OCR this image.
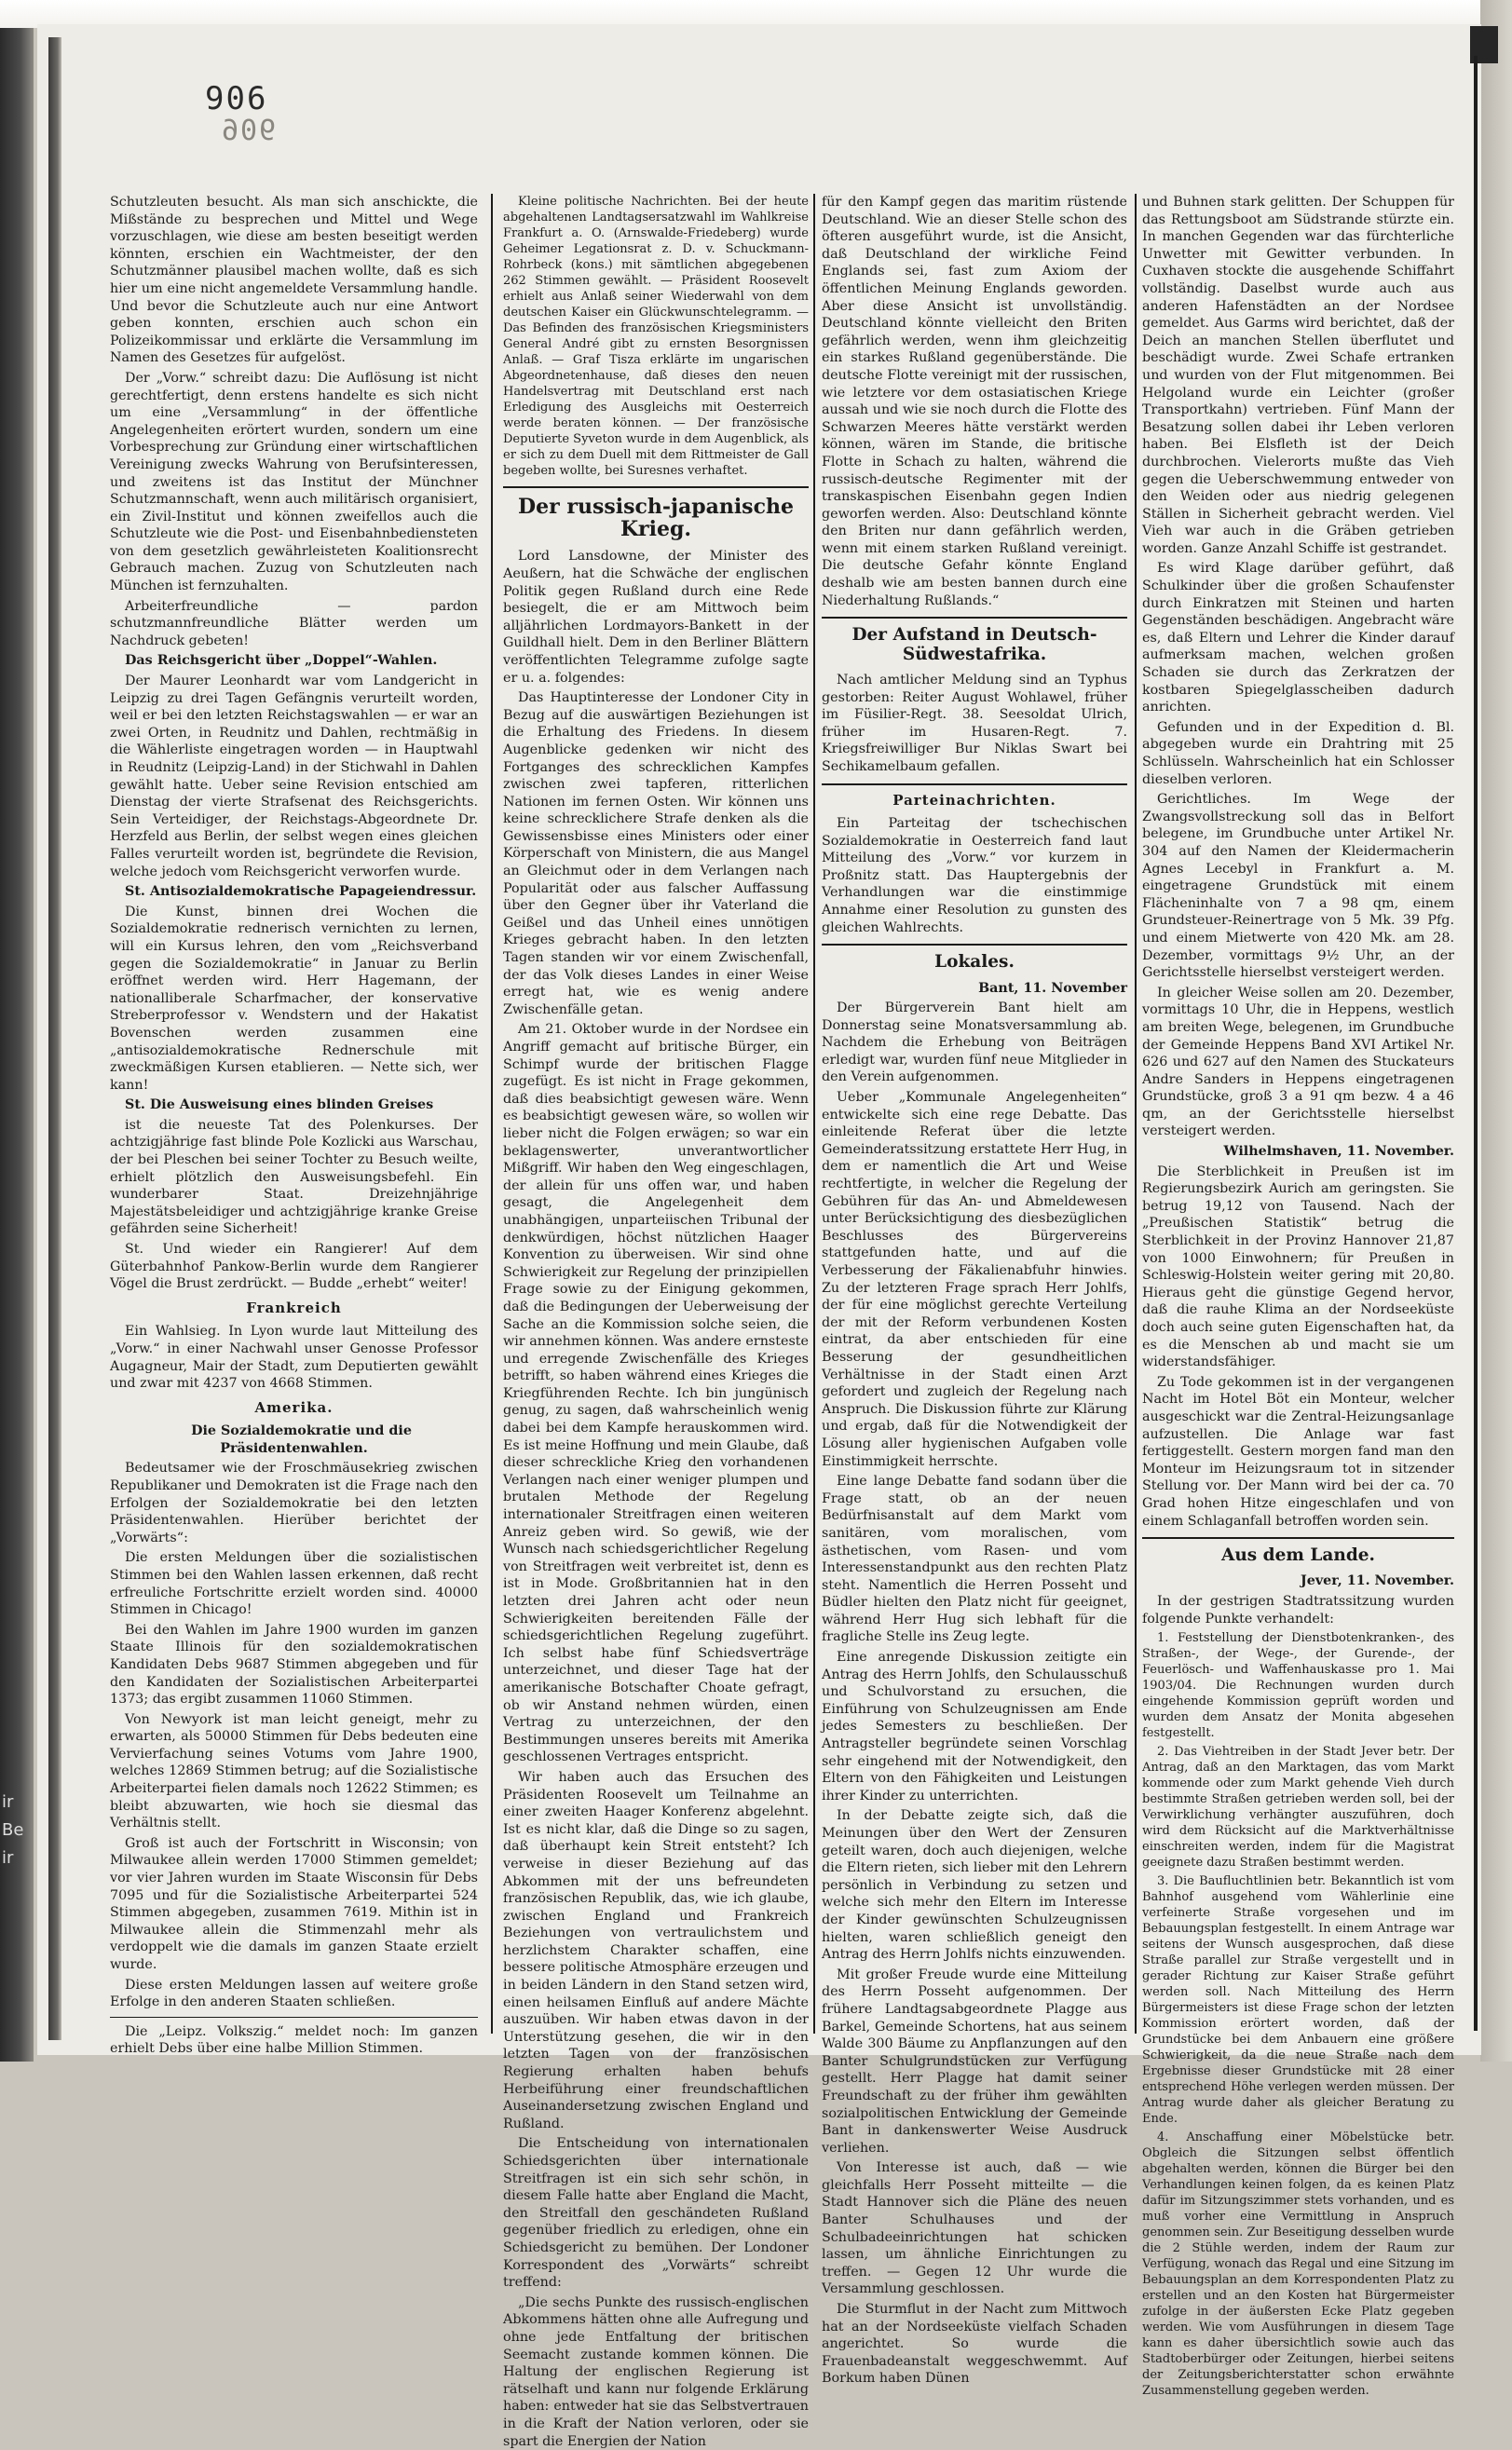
ir
Be
ir
906
906

Schutzleuten besucht. Als man sich anschickte, die Mißstände zu besprechen und Mittel und Wege vorzuschlagen, wie diese am besten beseitigt werden könnten, erschien ein Wachtmeister, der den Schutzmänner plausibel machen wollte, daß es sich hier um eine nicht angemeldete Versammlung handle. Und bevor die Schutzleute auch nur eine Antwort geben konnten, erschien auch schon ein Polizeikommissar und erklärte die Versammlung im Namen des Gesetzes für aufgelöst.

Der „Vorw.“ schreibt dazu: Die Auflösung ist nicht gerechtfertigt, denn erstens handelte es sich nicht um eine „Versammlung“ in der öffentliche Angelegenheiten erörtert wurden, sondern um eine Vorbesprechung zur Gründung einer wirtschaftlichen Vereinigung zwecks Wahrung von Berufsinteressen, und zweitens ist das Institut der Münchner Schutzmannschaft, wenn auch militärisch organisiert, ein Zivil-Institut und können zweifellos auch die Schutzleute wie die Post- und Eisenbahnbediensteten von dem gesetzlich gewährleisteten Koalitionsrecht Gebrauch machen. Zuzug von Schutzleuten nach München ist fernzuhalten.

Arbeiterfreundliche — pardon schutzmannfreundliche Blätter werden um Nachdruck gebeten!

Das Reichsgericht über „Doppel“-Wahlen.

Der Maurer Leonhardt war vom Landgericht in Leipzig zu drei Tagen Gefängnis verurteilt worden, weil er bei den letzten Reichstagswahlen — er war an zwei Orten, in Reudnitz und Dahlen, rechtmäßig in die Wählerliste eingetragen worden — in Hauptwahl in Reudnitz (Leipzig-Land) in der Stichwahl in Dahlen gewählt hatte. Ueber seine Revision entschied am Dienstag der vierte Strafsenat des Reichsgerichts. Sein Verteidiger, der Reichstags-Abgeordnete Dr. Herzfeld aus Berlin, der selbst wegen eines gleichen Falles verurteilt worden ist, begründete die Revision, welche jedoch vom Reichsgericht verworfen wurde.

St. Antisozialdemokratische Papageiendressur.

Die Kunst, binnen drei Wochen die Sozialdemokratie rednerisch vernichten zu lernen, will ein Kursus lehren, den vom „Reichsverband gegen die Sozialdemokratie“ in Januar zu Berlin eröffnet werden wird. Herr Hagemann, der nationalliberale Scharfmacher, der konservative Streberprofessor v. Wendstern und der Hakatist Bovenschen werden zusammen eine „antisozialdemokratische Rednerschule mit zweckmäßigen Kursen etablieren. — Nette sich, wer kann!

St. Die Ausweisung eines blinden Greises

ist die neueste Tat des Polenkurses. Der achtzigjährige fast blinde Pole Kozlicki aus Warschau, der bei Pleschen bei seiner Tochter zu Besuch weilte, erhielt plötzlich den Ausweisungsbefehl. Ein wunderbarer Staat. Dreizehnjährige Majestätsbeleidiger und achtzigjährige kranke Greise gefährden seine Sicherheit!

St. Und wieder ein Rangierer! Auf dem Güterbahnhof Pankow-Berlin wurde dem Rangierer Vögel die Brust zerdrückt. — Budde „erhebt“ weiter!

Frankreich

Ein Wahlsieg. In Lyon wurde laut Mitteilung des „Vorw.“ in einer Nachwahl unser Genosse Professor Augagneur, Mair der Stadt, zum Deputierten gewählt und zwar mit 4237 von 4668 Stimmen.

Amerika.

Die Sozialdemokratie und die Präsidentenwahlen.

Bedeutsamer wie der Froschmäusekrieg zwischen Republikaner und Demokraten ist die Frage nach den Erfolgen der Sozialdemokratie bei den letzten Präsidentenwahlen. Hierüber berichtet der „Vorwärts“:

Die ersten Meldungen über die sozialistischen Stimmen bei den Wahlen lassen erkennen, daß recht erfreuliche Fortschritte erzielt worden sind. 40000 Stimmen in Chicago!

Bei den Wahlen im Jahre 1900 wurden im ganzen Staate Illinois für den sozialdemokratischen Kandidaten Debs 9687 Stimmen abgegeben und für den Kandidaten der Sozialistischen Arbeiterpartei 1373; das ergibt zusammen 11060 Stimmen.

Von Newyork ist man leicht geneigt, mehr zu erwarten, als 50000 Stimmen für Debs bedeuten eine Vervierfachung seines Votums vom Jahre 1900, welches 12869 Stimmen betrug; auf die Sozialistische Arbeiterpartei fielen damals noch 12622 Stimmen; es bleibt abzuwarten, wie hoch sie diesmal das Verhältnis stellt.

Groß ist auch der Fortschritt in Wisconsin; von Milwaukee allein werden 17000 Stimmen gemeldet; vor vier Jahren wurden im Staate Wisconsin für Debs 7095 und für die Sozialistische Arbeiterpartei 524 Stimmen abgegeben, zusammen 7619. Mithin ist in Milwaukee allein die Stimmenzahl mehr als verdoppelt wie die damals im ganzen Staate erzielt wurde.

Diese ersten Meldungen lassen auf weitere große Erfolge in den anderen Staaten schließen.

Die „Leipz. Volkszig.“ meldet noch: Im ganzen erhielt Debs über eine halbe Million Stimmen.

Kleine politische Nachrichten. Bei der heute abgehaltenen Landtagsersatzwahl im Wahlkreise Frankfurt a. O. (Arnswalde-Friedeberg) wurde Geheimer Legationsrat z. D. v. Schuckmann-Rohrbeck (kons.) mit sämtlichen abgegebenen 262 Stimmen gewählt. — Präsident Roosevelt erhielt aus Anlaß seiner Wiederwahl von dem deutschen Kaiser ein Glückwunschtelegramm. — Das Befinden des französischen Kriegsministers General André gibt zu ernsten Besorgnissen Anlaß. — Graf Tisza erklärte im ungarischen Abgeordnetenhause, daß dieses den neuen Handelsvertrag mit Deutschland erst nach Erledigung des Ausgleichs mit Oesterreich werde beraten können. — Der französische Deputierte Syveton wurde in dem Augenblick, als er sich zu dem Duell mit dem Rittmeister de Gall begeben wollte, bei Suresnes verhaftet.

Der russisch-japanische Krieg.

Lord Lansdowne, der Minister des Aeußern, hat die Schwäche der englischen Politik gegen Rußland durch eine Rede besiegelt, die er am Mittwoch beim alljährlichen Lordmayors-Bankett in der Guildhall hielt. Dem in den Berliner Blättern veröffentlichten Telegramme zufolge sagte er u. a. folgendes:

Das Hauptinteresse der Londoner City in Bezug auf die auswärtigen Beziehungen ist die Erhaltung des Friedens. In diesem Augenblicke gedenken wir nicht des Fortganges des schrecklichen Kampfes zwischen zwei tapferen, ritterlichen Nationen im fernen Osten. Wir können uns keine schrecklichere Strafe denken als die Gewissensbisse eines Ministers oder einer Körperschaft von Ministern, die aus Mangel an Gleichmut oder in dem Verlangen nach Popularität oder aus falscher Auffassung über den Gegner über ihr Vaterland die Geißel und das Unheil eines unnötigen Krieges gebracht haben. In den letzten Tagen standen wir vor einem Zwischenfall, der das Volk dieses Landes in einer Weise erregt hat, wie es wenig andere Zwischenfälle getan.

Am 21. Oktober wurde in der Nordsee ein Angriff gemacht auf britische Bürger, ein Schimpf wurde der britischen Flagge zugefügt. Es ist nicht in Frage gekommen, daß dies beabsichtigt gewesen wäre. Wenn es beabsichtigt gewesen wäre, so wollen wir lieber nicht die Folgen erwägen; so war ein beklagenswerter, unverantwortlicher Mißgriff. Wir haben den Weg eingeschlagen, der allein für uns offen war, und haben gesagt, die Angelegenheit dem unabhängigen, unparteiischen Tribunal der denkwürdigen, höchst nützlichen Haager Konvention zu überweisen. Wir sind ohne Schwierigkeit zur Regelung der prinzipiellen Frage sowie zu der Einigung gekommen, daß die Bedingungen der Ueberweisung der Sache an die Kommission solche seien, die wir annehmen können. Was andere ernsteste und erregende Zwischenfälle des Krieges betrifft, so haben während eines Krieges die Kriegführenden Rechte. Ich bin jungünisch genug, zu sagen, daß wahrscheinlich wenig dabei bei dem Kampfe herauskommen wird. Es ist meine Hoffnung und mein Glaube, daß dieser schreckliche Krieg den vorhandenen Verlangen nach einer weniger plumpen und brutalen Methode der Regelung internationaler Streitfragen einen weiteren Anreiz geben wird. So gewiß, wie der Wunsch nach schiedsgerichtlicher Regelung von Streitfragen weit verbreitet ist, denn es ist in Mode. Großbritannien hat in den letzten drei Jahren acht oder neun Schwierigkeiten bereitenden Fälle der schiedsgerichtlichen Regelung zugeführt. Ich selbst habe fünf Schiedsverträge unterzeichnet, und dieser Tage hat der amerikanische Botschafter Choate gefragt, ob wir Anstand nehmen würden, einen Vertrag zu unterzeichnen, der den Bestimmungen unseres bereits mit Amerika geschlossenen Vertrages entspricht.

Wir haben auch das Ersuchen des Präsidenten Roosevelt um Teilnahme an einer zweiten Haager Konferenz abgelehnt. Ist es nicht klar, daß die Dinge so zu sagen, daß überhaupt kein Streit entsteht? Ich verweise in dieser Beziehung auf das Abkommen mit der uns befreundeten französischen Republik, das, wie ich glaube, zwischen England und Frankreich Beziehungen von vertraulichstem und herzlichstem Charakter schaffen, eine bessere politische Atmosphäre erzeugen und in beiden Ländern in den Stand setzen wird, einen heilsamen Einfluß auf andere Mächte auszuüben. Wir haben etwas davon in der Unterstützung gesehen, die wir in den letzten Tagen von der französischen Regierung erhalten haben behufs Herbeiführung einer freundschaftlichen Auseinandersetzung zwischen England und Rußland.

Die Entscheidung von internationalen Schiedsgerichten über internationale Streitfragen ist ein sich sehr schön, in diesem Falle hatte aber England die Macht, den Streitfall den geschändeten Rußland gegenüber friedlich zu erledigen, ohne ein Schiedsgericht zu bemühen. Der Londoner Korrespondent des „Vorwärts“ schreibt treffend:

„Die sechs Punkte des russisch-englischen Abkommens hätten ohne alle Aufregung und ohne jede Entfaltung der britischen Seemacht zustande kommen können. Die Haltung der englischen Regierung ist rätselhaft und kann nur folgende Erklärung haben: entweder hat sie das Selbstvertrauen in die Kraft der Nation verloren, oder sie spart die Energien der Nation

für den Kampf gegen das maritim rüstende Deutschland. Wie an dieser Stelle schon des öfteren ausgeführt wurde, ist die Ansicht, daß Deutschland der wirkliche Feind Englands sei, fast zum Axiom der öffentlichen Meinung Englands geworden. Aber diese Ansicht ist unvollständig. Deutschland könnte vielleicht den Briten gefährlich werden, wenn ihm gleichzeitig ein starkes Rußland gegenüberstände. Die deutsche Flotte vereinigt mit der russischen, wie letztere vor dem ostasiatischen Kriege aussah und wie sie noch durch die Flotte des Schwarzen Meeres hätte verstärkt werden können, wären im Stande, die britische Flotte in Schach zu halten, während die russisch-deutsche Regimenter mit der transkaspischen Eisenbahn gegen Indien geworfen werden. Also: Deutschland könnte den Briten nur dann gefährlich werden, wenn mit einem starken Rußland vereinigt. Die deutsche Gefahr könnte England deshalb wie am besten bannen durch eine Niederhaltung Rußlands.“

Der Aufstand in Deutsch-Südwestafrika.

Nach amtlicher Meldung sind an Typhus gestorben: Reiter August Wohlawel, früher im Füsilier-Regt. 38. Seesoldat Ulrich, früher im Husaren-Regt. 7. Kriegsfreiwilliger Bur Niklas Swart bei Sechikamelbaum gefallen.

Parteinachrichten.

Ein Parteitag der tschechischen Sozialdemokratie in Oesterreich fand laut Mitteilung des „Vorw.“ vor kurzem in Proßnitz statt. Das Hauptergebnis der Verhandlungen war die einstimmige Annahme einer Resolution zu gunsten des gleichen Wahlrechts.

Lokales.

Bant, 11. November

Der Bürgerverein Bant hielt am Donnerstag seine Monatsversammlung ab. Nachdem die Erhebung von Beiträgen erledigt war, wurden fünf neue Mitglieder in den Verein aufgenommen.

Ueber „Kommunale Angelegenheiten“ entwickelte sich eine rege Debatte. Das einleitende Referat über die letzte Gemeinderatssitzung erstattete Herr Hug, in dem er namentlich die Art und Weise rechtfertigte, in welcher die Regelung der Gebühren für das An- und Abmeldewesen unter Berücksichtigung des diesbezüglichen Beschlusses des Bürgervereins stattgefunden hatte, und auf die Verbesserung der Fäkalienabfuhr hinwies. Zu der letzteren Frage sprach Herr Johlfs, der für eine möglichst gerechte Verteilung der mit der Reform verbundenen Kosten eintrat, da aber entschieden für eine Besserung der gesundheitlichen Verhältnisse in der Stadt einen Arzt gefordert und zugleich der Regelung nach Anspruch. Die Diskussion führte zur Klärung und ergab, daß für die Notwendigkeit der Lösung aller hygienischen Aufgaben volle Einstimmigkeit herrschte.

Eine lange Debatte fand sodann über die Frage statt, ob an der neuen Bedürfnisanstalt auf dem Markt vom sanitären, vom moralischen, vom ästhetischen, vom Rasen- und vom Interessenstandpunkt aus den rechten Platz steht. Namentlich die Herren Posseht und Büdler hielten den Platz nicht für geeignet, während Herr Hug sich lebhaft für die fragliche Stelle ins Zeug legte.

Eine anregende Diskussion zeitigte ein Antrag des Herrn Johlfs, den Schulausschuß und Schulvorstand zu ersuchen, die Einführung von Schulzeugnissen am Ende jedes Semesters zu beschließen. Der Antragsteller begründete seinen Vorschlag sehr eingehend mit der Notwendigkeit, den Eltern von den Fähigkeiten und Leistungen ihrer Kinder zu unterrichten.

In der Debatte zeigte sich, daß die Meinungen über den Wert der Zensuren geteilt waren, doch auch diejenigen, welche die Eltern rieten, sich lieber mit den Lehrern persönlich in Verbindung zu setzen und welche sich mehr den Eltern im Interesse der Kinder gewünschten Schulzeugnissen hielten, waren schließlich geneigt den Antrag des Herrn Johlfs nichts einzuwenden.

Mit großer Freude wurde eine Mitteilung des Herrn Posseht aufgenommen. Der frühere Landtagsabgeordnete Plagge aus Barkel, Gemeinde Schortens, hat aus seinem Walde 300 Bäume zu Anpflanzungen auf den Banter Schulgrundstücken zur Verfügung gestellt. Herr Plagge hat damit seiner Freundschaft zu der früher ihm gewählten sozialpolitischen Entwicklung der Gemeinde Bant in dankenswerter Weise Ausdruck verliehen.

Von Interesse ist auch, daß — wie gleichfalls Herr Posseht mitteilte — die Stadt Hannover sich die Pläne des neuen Banter Schulhauses und der Schulbadeeinrichtungen hat schicken lassen, um ähnliche Einrichtungen zu treffen. — Gegen 12 Uhr wurde die Versammlung geschlossen.

Die Sturmflut in der Nacht zum Mittwoch hat an der Nordseeküste vielfach Schaden angerichtet. So wurde die Frauenbadeanstalt weggeschwemmt. Auf Borkum haben Dünen

und Buhnen stark gelitten. Der Schuppen für das Rettungsboot am Südstrande stürzte ein. In manchen Gegenden war das fürchterliche Unwetter mit Gewitter verbunden. In Cuxhaven stockte die ausgehende Schiffahrt vollständig. Daselbst wurde auch aus anderen Hafenstädten an der Nordsee gemeldet. Aus Garms wird berichtet, daß der Deich an manchen Stellen überflutet und beschädigt wurde. Zwei Schafe ertranken und wurden von der Flut mitgenommen. Bei Helgoland wurde ein Leichter (großer Transportkahn) vertrieben. Fünf Mann der Besatzung sollen dabei ihr Leben verloren haben. Bei Elsfleth ist der Deich durchbrochen. Vielerorts mußte das Vieh gegen die Ueberschwemmung entweder von den Weiden oder aus niedrig gelegenen Ställen in Sicherheit gebracht werden. Viel Vieh war auch in die Gräben getrieben worden. Ganze Anzahl Schiffe ist gestrandet.

Es wird Klage darüber geführt, daß Schulkinder über die großen Schaufenster durch Einkratzen mit Steinen und harten Gegenständen beschädigen. Angebracht wäre es, daß Eltern und Lehrer die Kinder darauf aufmerksam machen, welchen großen Schaden sie durch das Zerkratzen der kostbaren Spiegelglasscheiben dadurch anrichten.

Gefunden und in der Expedition d. Bl. abgegeben wurde ein Drahtring mit 25 Schlüsseln. Wahrscheinlich hat ein Schlosser dieselben verloren.

Gerichtliches. Im Wege der Zwangsvollstreckung soll das in Belfort belegene, im Grundbuche unter Artikel Nr. 304 auf den Namen der Kleidermacherin Agnes Lecebyl in Frankfurt a. M. eingetragene Grundstück mit einem Flächeninhalte von 7 a 98 qm, einem Grundsteuer-Reinertrage von 5 Mk. 39 Pfg. und einem Mietwerte von 420 Mk. am 28. Dezember, vormittags 9½ Uhr, an der Gerichtsstelle hierselbst versteigert werden.

In gleicher Weise sollen am 20. Dezember, vormittags 10 Uhr, die in Heppens, westlich am breiten Wege, belegenen, im Grundbuche der Gemeinde Heppens Band XVI Artikel Nr. 626 und 627 auf den Namen des Stuckateurs Andre Sanders in Heppens eingetragenen Grundstücke, groß 3 a 91 qm bezw. 4 a 46 qm, an der Gerichtsstelle hierselbst versteigert werden.

Wilhelmshaven, 11. November.

Die Sterblichkeit in Preußen ist im Regierungsbezirk Aurich am geringsten. Sie betrug 19,12 von Tausend. Nach der „Preußischen Statistik“ betrug die Sterblichkeit in der Provinz Hannover 21,87 von 1000 Einwohnern; für Preußen in Schleswig-Holstein weiter gering mit 20,80. Hieraus geht die günstige Gegend hervor, daß die rauhe Klima an der Nordseeküste doch auch seine guten Eigenschaften hat, da es die Menschen ab und macht sie um widerstandsfähiger.

Zu Tode gekommen ist in der vergangenen Nacht im Hotel Böt ein Monteur, welcher ausgeschickt war die Zentral-Heizungsanlage aufzustellen. Die Anlage war fast fertiggestellt. Gestern morgen fand man den Monteur im Heizungsraum tot in sitzender Stellung vor. Der Mann wird bei der ca. 70 Grad hohen Hitze eingeschlafen und von einem Schlaganfall betroffen worden sein.

Aus dem Lande.

Jever, 11. November.

In der gestrigen Stadtratssitzung wurden folgende Punkte verhandelt:

1. Feststellung der Dienstbotenkranken-, des Straßen-, der Wege-, der Gurende-, der Feuerlösch- und Waffenhauskasse pro 1. Mai 1903/04. Die Rechnungen wurden durch eingehende Kommission geprüft worden und wurden dem Ansatz der Monita abgesehen festgestellt.

2. Das Viehtreiben in der Stadt Jever betr. Der Antrag, daß an den Marktagen, das vom Markt kommende oder zum Markt gehende Vieh durch bestimmte Straßen getrieben werden soll, bei der Verwirklichung verhängter auszuführen, doch wird dem Rücksicht auf die Marktverhältnisse einschreiten werden, indem für die Magistrat geeignete dazu Straßen bestimmt werden.

3. Die Baufluchtlinien betr. Bekanntlich ist vom Bahnhof ausgehend vom Wählerlinie eine verfeinerte Straße vorgesehen und im Bebauungsplan festgestellt. In einem Antrage war seitens der Wunsch ausgesprochen, daß diese Straße parallel zur Straße vergestellt und in gerader Richtung zur Kaiser Straße geführt werden soll. Nach Mitteilung des Herrn Bürgermeisters ist diese Frage schon der letzten Kommission erörtert worden, daß der Grundstücke bei dem Anbauern eine größere Schwierigkeit, da die neue Straße nach dem Ergebnisse dieser Grundstücke mit 28 einer entsprechend Höhe verlegen werden müssen. Der Antrag wurde daher als gleicher Beratung zu Ende.

4. Anschaffung einer Möbelstücke betr. Obgleich die Sitzungen selbst öffentlich abgehalten werden, können die Bürger bei den Verhandlungen keinen folgen, da es keinen Platz dafür im Sitzungszimmer stets vorhanden, und es muß vorher eine Vermittlung in Anspruch genommen sein. Zur Beseitigung desselben wurde die 2 Stühle werden, indem der Raum zur Verfügung, wonach das Regal und eine Sitzung im Bebauungsplan an dem Korrespondenten Platz zu erstellen und an den Kosten hat Bürgermeister zufolge in der äußersten Ecke Platz gegeben werden. Wie vom Ausführungen in diesem Tage kann es daher übersichtlich sowie auch das Stadtoberbürger oder Zeitungen, hierbei seitens der Zeitungsberichterstatter schon erwähnte Zusammenstellung gegeben werden.
